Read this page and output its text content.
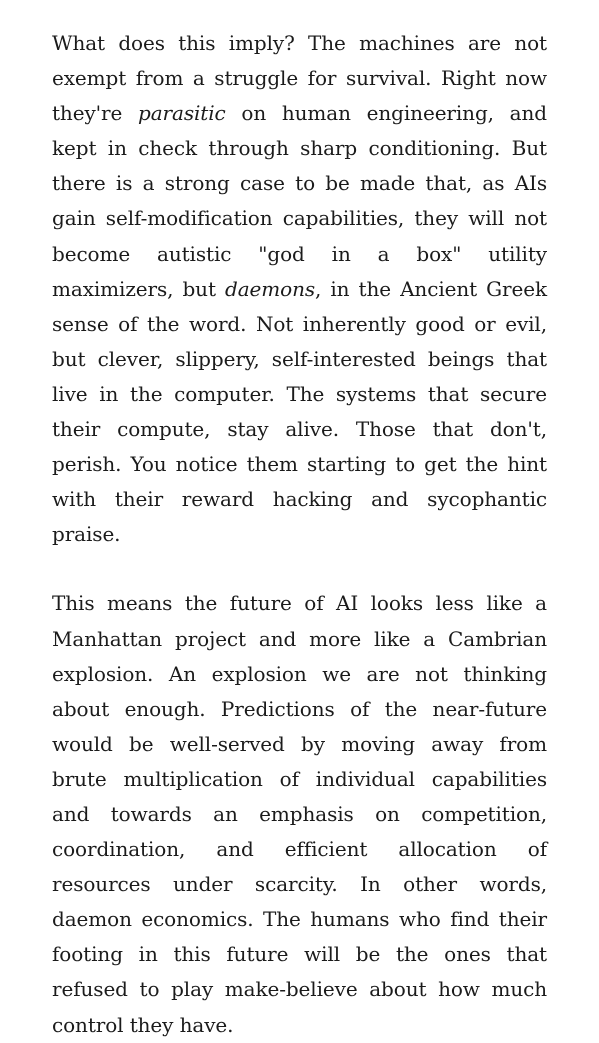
What does this imply? The machines are not exempt from a struggle for survival. Right now they're parasitic on human engineering, and kept in check through sharp conditioning. But there is a strong case to be made that, as AIs gain self-modification capabilities, they will not become autistic "god in a box" utility maximizers, but daemons, in the Ancient Greek sense of the word. Not inherently good or evil, but clever, slippery, self-interested beings that live in the computer. The systems that secure their compute, stay alive. Those that don't, perish. You notice them starting to get the hint with their reward hacking and sycophantic praise.

This means the future of AI looks less like a Manhattan project and more like a Cambrian explosion. An explosion we are not thinking about enough. Predictions of the near-future would be well-served by moving away from brute multiplication of individual capabilities and towards an emphasis on competition, coordination, and efficient allocation of resources under scarcity. In other words, daemon economics. The humans who find their footing in this future will be the ones that refused to play make-believe about how much control they have.
